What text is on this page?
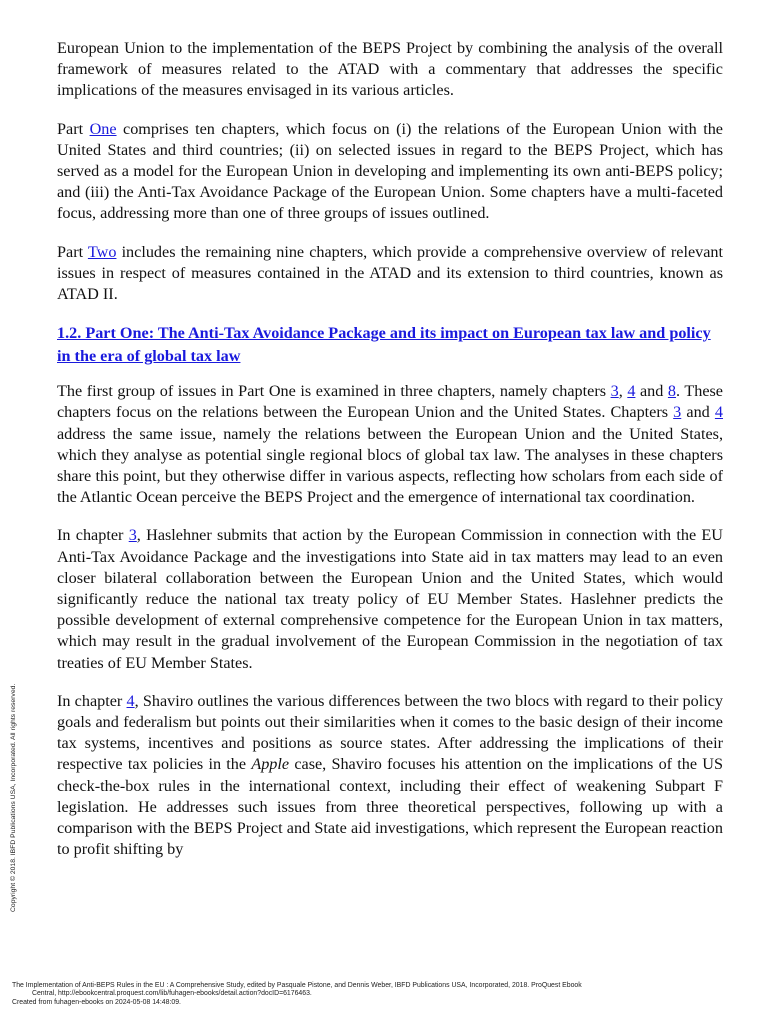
European Union to the implementation of the BEPS Project by combining the analysis of the overall framework of measures related to the ATAD with a commentary that addresses the specific implications of the measures envisaged in its various articles.

Part One comprises ten chapters, which focus on (i) the relations of the European Union with the United States and third countries; (ii) on selected issues in regard to the BEPS Project, which has served as a model for the European Union in developing and implementing its own anti-BEPS policy; and (iii) the Anti-Tax Avoidance Package of the European Union. Some chapters have a multi-faceted focus, addressing more than one of three groups of issues outlined.

Part Two includes the remaining nine chapters, which provide a comprehensive overview of relevant issues in respect of measures contained in the ATAD and its extension to third countries, known as ATAD II.

1.2. Part One: The Anti-Tax Avoidance Package and its impact on European tax law and policy in the era of global tax law

The first group of issues in Part One is examined in three chapters, namely chapters 3, 4 and 8. These chapters focus on the relations between the European Union and the United States. Chapters 3 and 4 address the same issue, namely the relations between the European Union and the United States, which they analyse as potential single regional blocs of global tax law. The analyses in these chapters share this point, but they otherwise differ in various aspects, reflecting how scholars from each side of the Atlantic Ocean perceive the BEPS Project and the emergence of international tax coordination.

In chapter 3, Haslehner submits that action by the European Commission in connection with the EU Anti-Tax Avoidance Package and the investigations into State aid in tax matters may lead to an even closer bilateral collaboration between the European Union and the United States, which would significantly reduce the national tax treaty policy of EU Member States. Haslehner predicts the possible development of external comprehensive competence for the European Union in tax matters, which may result in the gradual involvement of the European Commission in the negotiation of tax treaties of EU Member States.

In chapter 4, Shaviro outlines the various differences between the two blocs with regard to their policy goals and federalism but points out their similarities when it comes to the basic design of their income tax systems, incentives and positions as source states. After addressing the implications of their respective tax policies in the Apple case, Shaviro focuses his attention on the implications of the US check-the-box rules in the international context, including their effect of weakening Subpart F legislation. He addresses such issues from three theoretical perspectives, following up with a comparison with the BEPS Project and State aid investigations, which represent the European reaction to profit shifting by

Copyright © 2018. IBFD Publications USA, Incorporated. All rights reserved.
The Implementation of Anti-BEPS Rules in the EU : A Comprehensive Study, edited by Pasquale Pistone, and Dennis Weber, IBFD Publications USA, Incorporated, 2018. ProQuest Ebook
Central, http://ebookcentral.proquest.com/lib/fuhagen-ebooks/detail.action?docID=6176463.
Created from fuhagen-ebooks on 2024-05-08 14:48:09.
